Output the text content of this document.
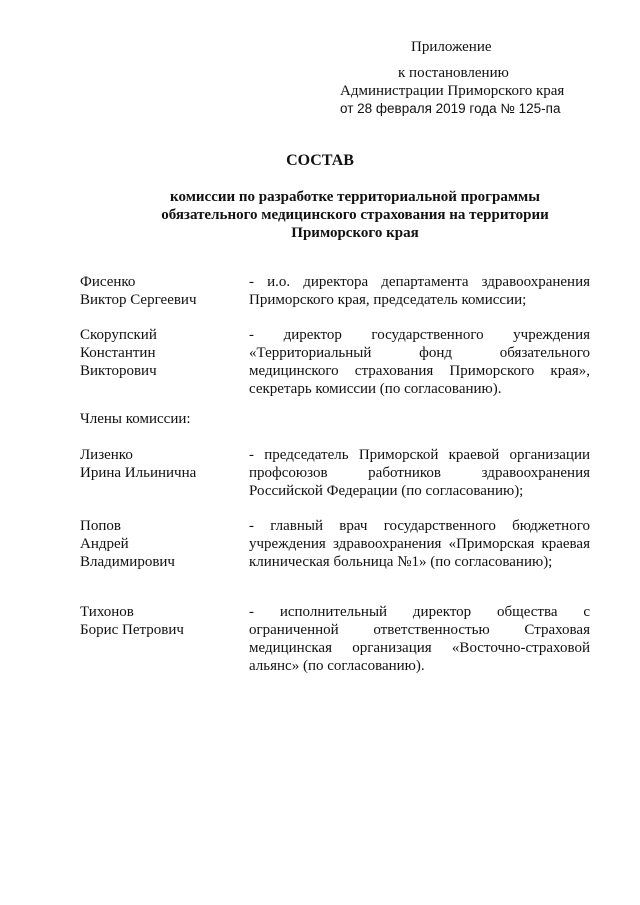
Приложение
к постановлению
Администрации Приморского края
от 28 февраля 2019 года № 125-па
СОСТАВ
комиссии по разработке территориальной программы
обязательного медицинского страхования на территории
Приморского края
Фисенко
Виктор Сергеевич
- и.о. директора департамента здравоохранения Приморского края, председатель комиссии;
Скорупский
Константин
Викторович
- директор государственного учреждения «Территориальный фонд обязательного медицинского страхования Приморского края», секретарь комиссии (по согласованию).
Члены комиссии:
Лизенко
Ирина Ильинична
- председатель Приморской краевой организации профсоюзов работников здравоохранения Российской Федерации (по согласованию);
Попов
Андрей
Владимирович
- главный врач государственного бюджетного учреждения здравоохранения «Приморская краевая клиническая больница №1» (по согласованию);
Тихонов
Борис Петрович
- исполнительный директор общества с ограниченной ответственностью Страховая медицинская организация «Восточно-страховой альянс» (по согласованию).
